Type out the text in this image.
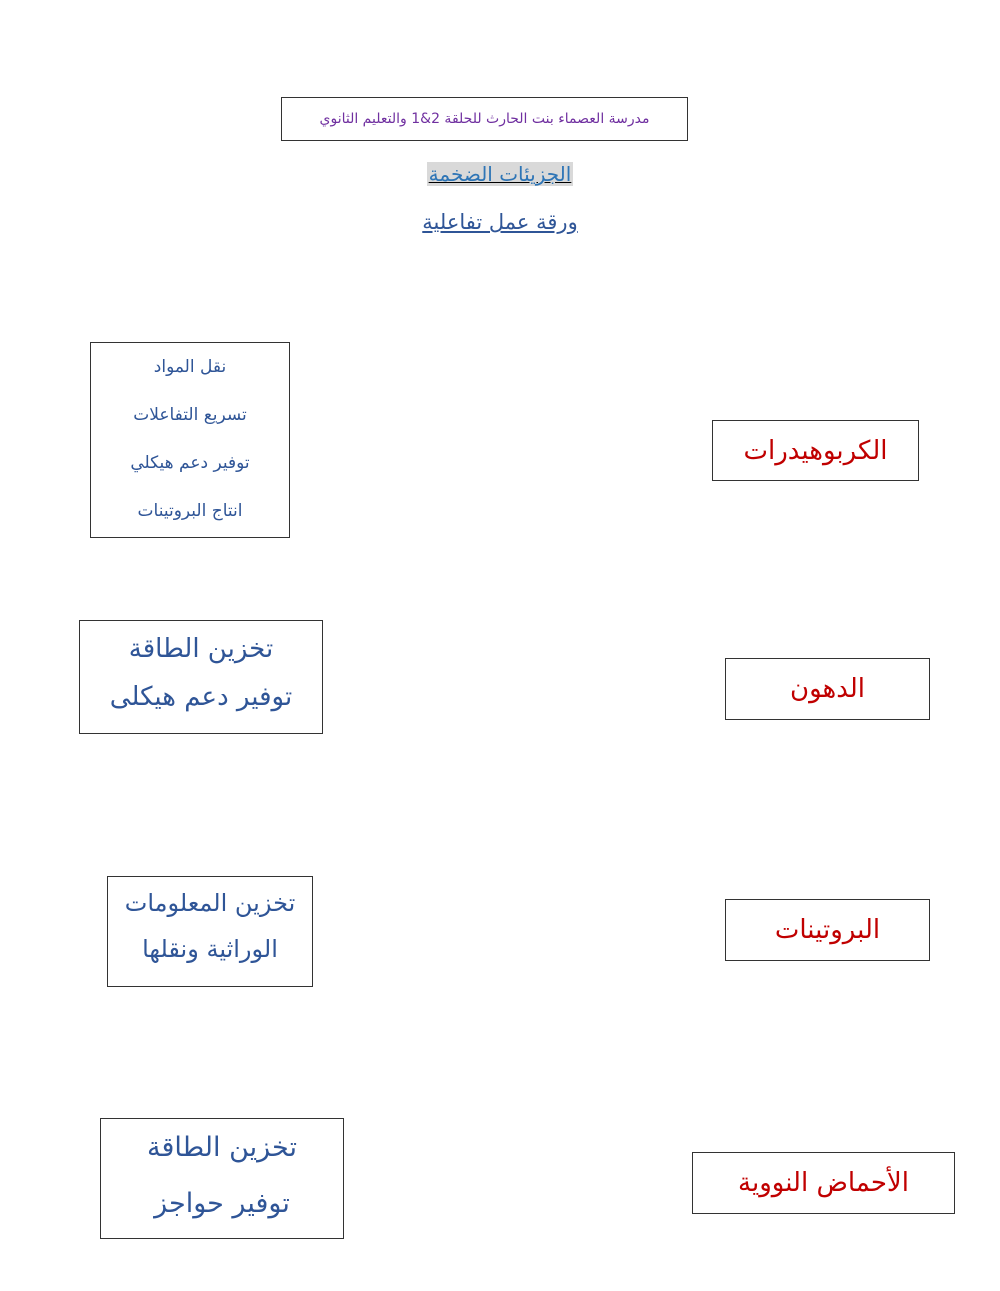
مدرسة العصماء بنت الحارث للحلقة 2&1 والتعليم الثانوي
الجزيئات الضخمة
ورقة عمل تفاعلية
نقل المواد
تسريع التفاعلات
توفير دعم هيكلي
انتاج البروتينات
تخزين الطاقة
توفير دعم هيكلى
تخزين المعلومات
الوراثية ونقلها
تخزين الطاقة
توفير حواجز
الكربوهيدرات
الدهون
البروتينات
الأحماض النووية
